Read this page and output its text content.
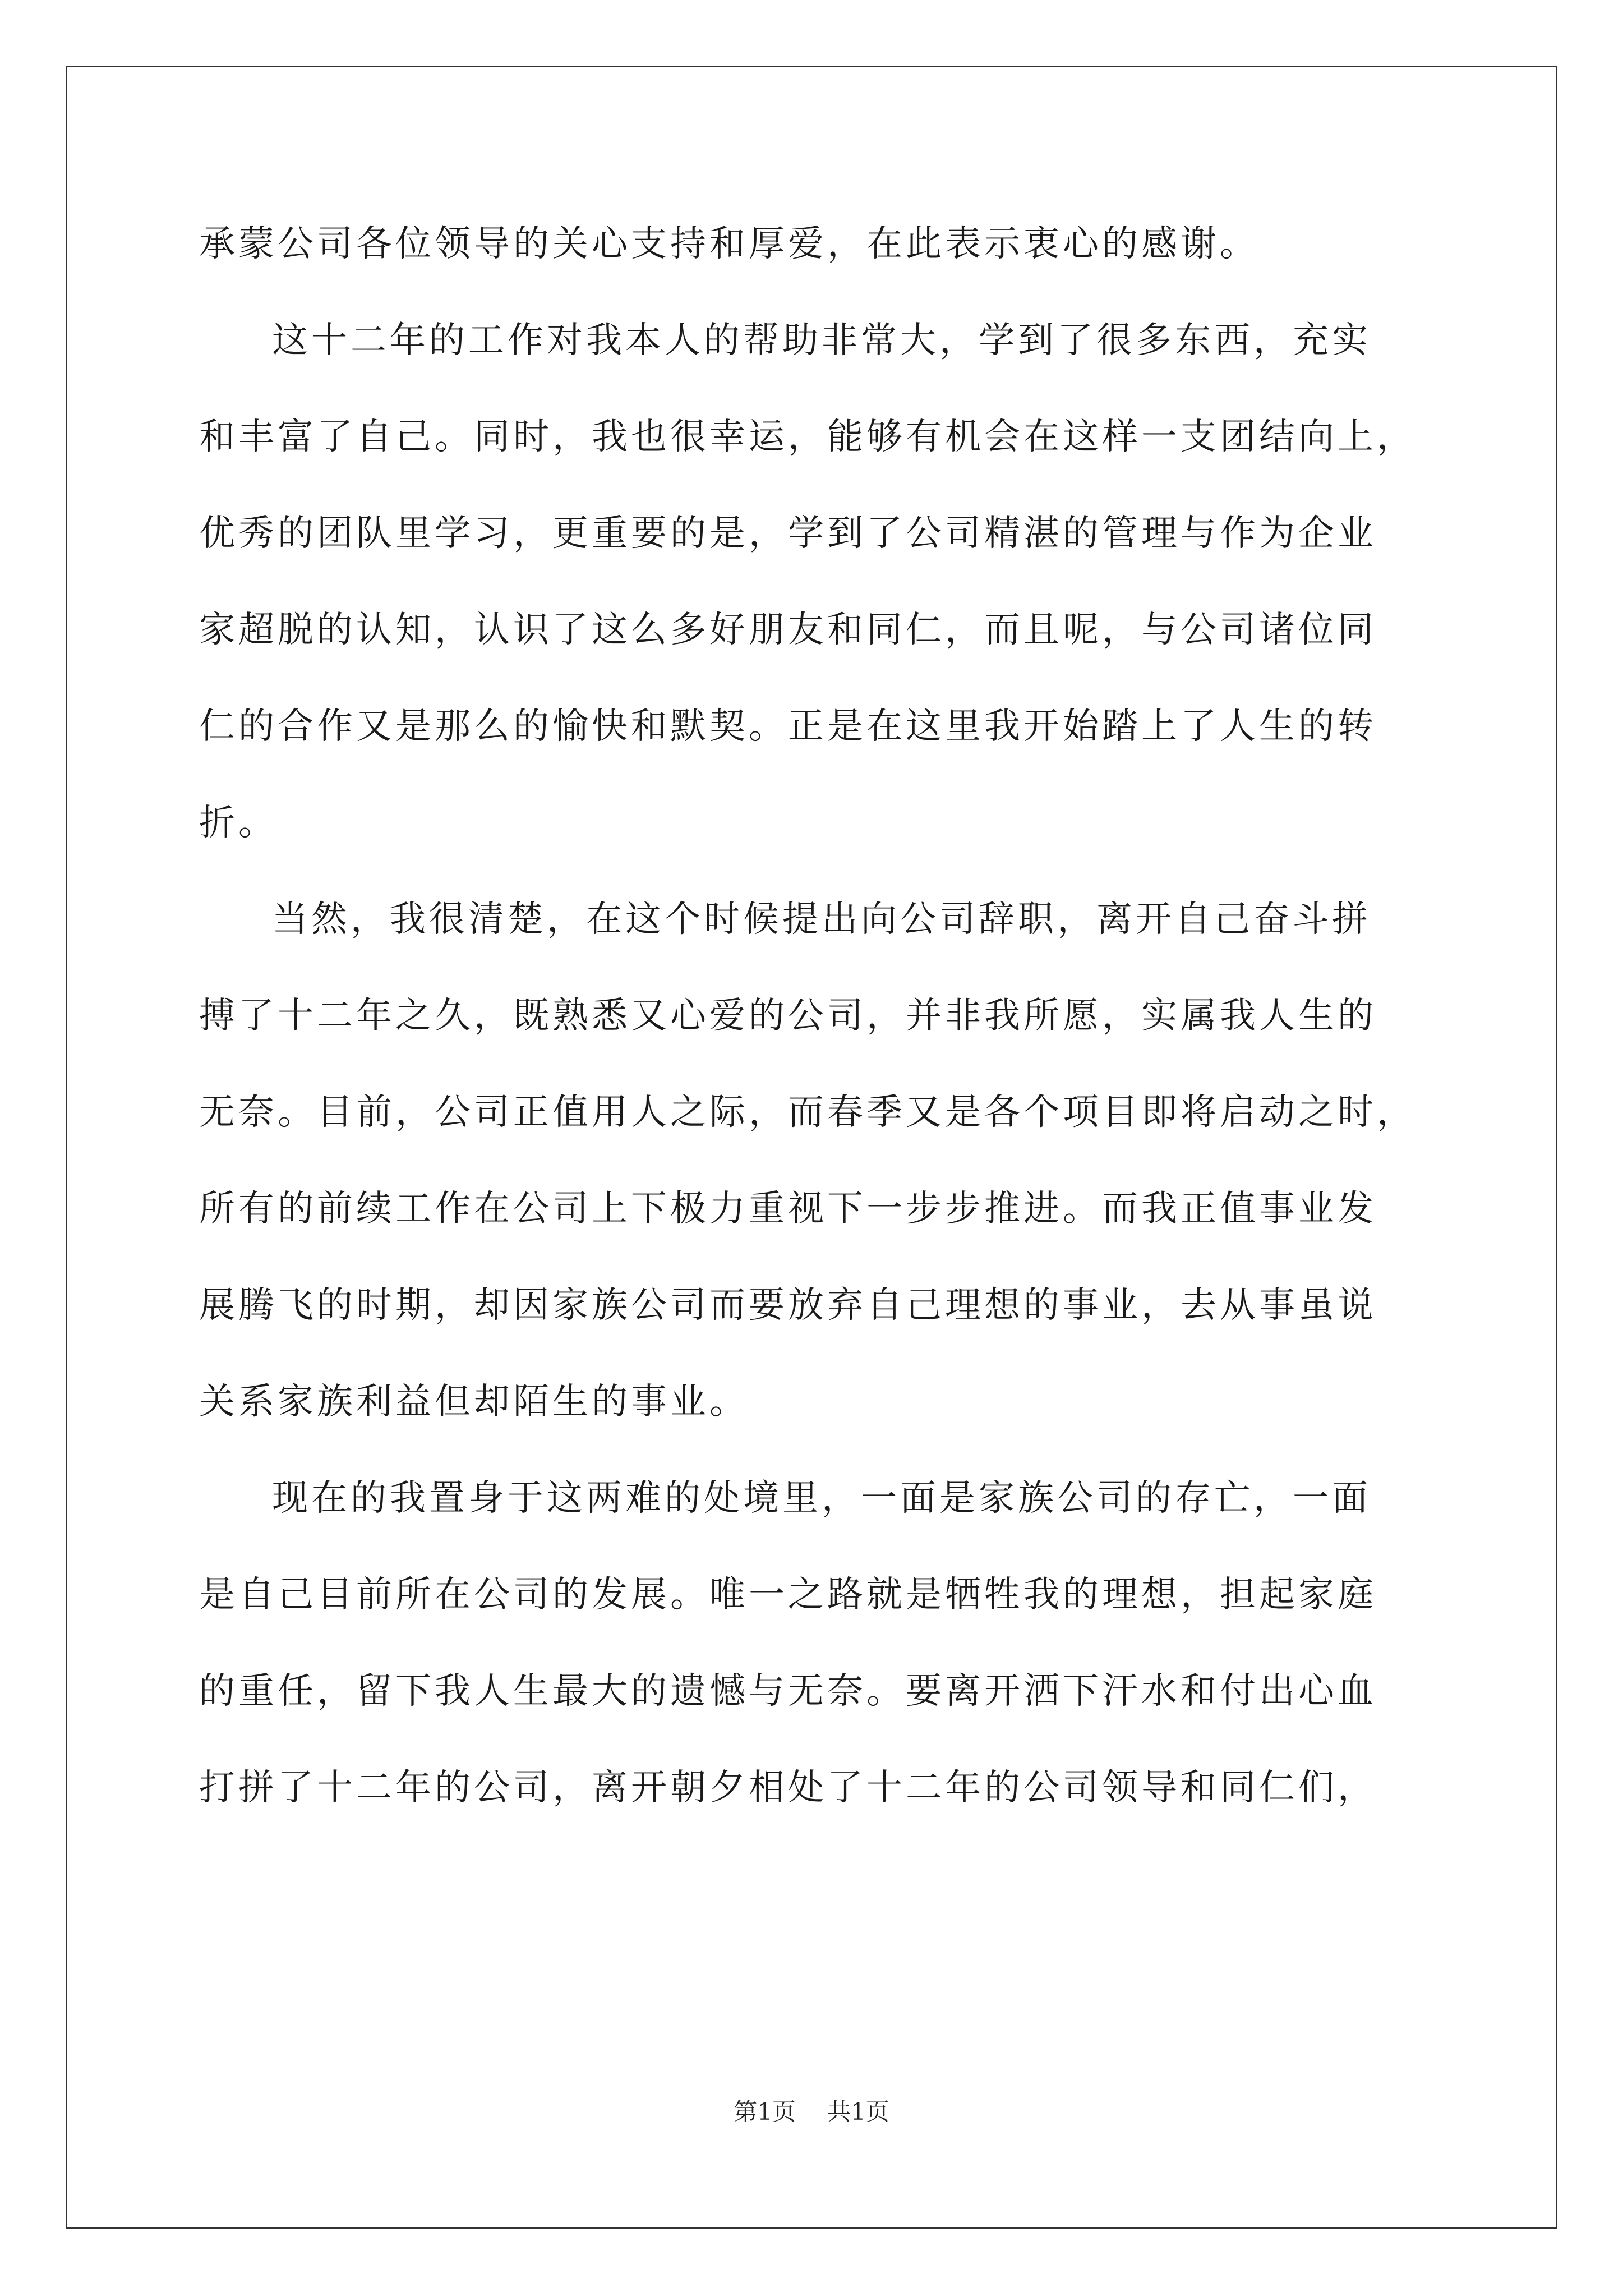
承蒙公司各位领导的关心支持和厚爱，在此表示衷心的感谢。
这十二年的工作对我本人的帮助非常大，学到了很多东西，充实
和丰富了自己。同时，我也很幸运，能够有机会在这样一支团结向上，
优秀的团队里学习，更重要的是，学到了公司精湛的管理与作为企业
家超脱的认知，认识了这么多好朋友和同仁，而且呢，与公司诸位同
仁的合作又是那么的愉快和默契。正是在这里我开始踏上了人生的转
折。
当然，我很清楚，在这个时候提出向公司辞职，离开自己奋斗拼
搏了十二年之久，既熟悉又心爱的公司，并非我所愿，实属我人生的
无奈。目前，公司正值用人之际，而春季又是各个项目即将启动之时，
所有的前续工作在公司上下极力重视下一步步推进。而我正值事业发
展腾飞的时期，却因家族公司而要放弃自己理想的事业，去从事虽说
关系家族利益但却陌生的事业。
现在的我置身于这两难的处境里，一面是家族公司的存亡，一面
是自己目前所在公司的发展。唯一之路就是牺牲我的理想，担起家庭
的重任，留下我人生最大的遗憾与无奈。要离开洒下汗水和付出心血
打拼了十二年的公司，离开朝夕相处了十二年的公司领导和同仁们，
第1页 共1页
